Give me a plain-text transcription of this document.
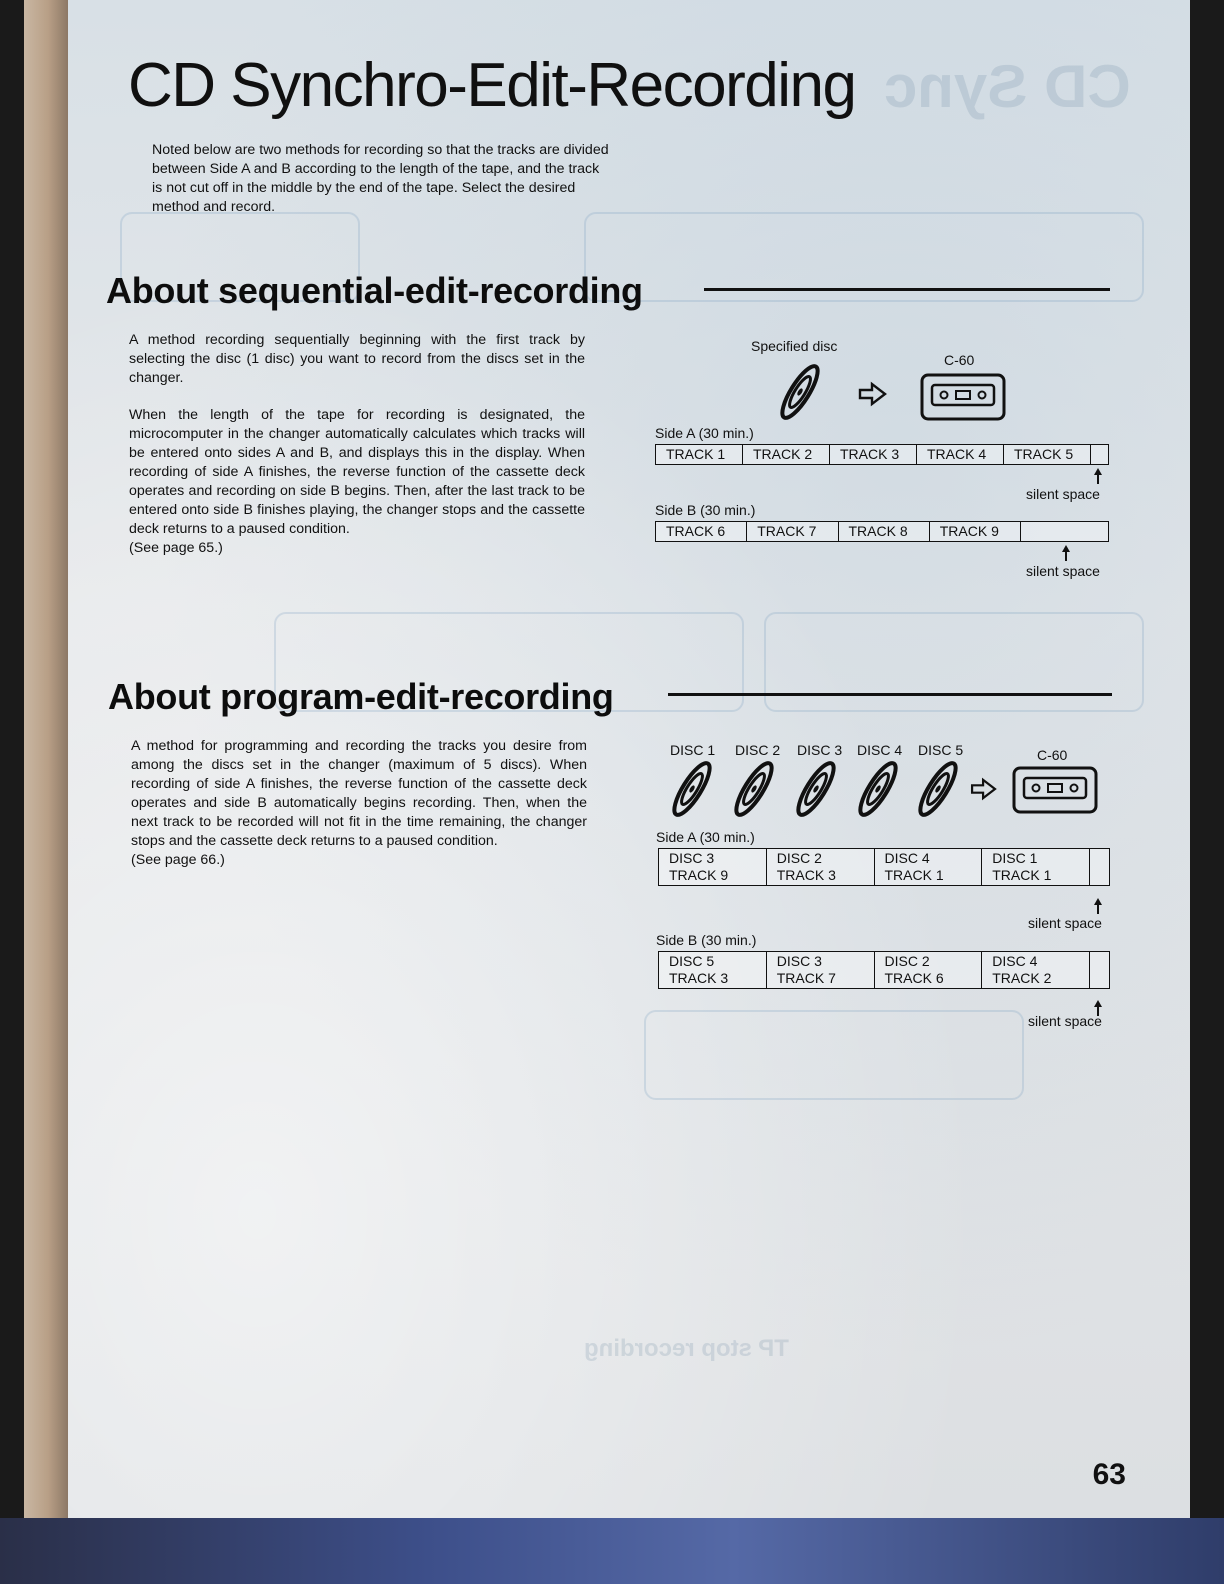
CD Sync
TP stop recording
CD Synchro-Edit-Recording
Noted below are two methods for recording so that the tracks are divided between Side A and B according to the length of the tape, and the track is not cut off in the middle by the end of the tape. Select the desired method and record.
About sequential-edit-recording

A method recording sequentially beginning with the first track by selecting the disc (1 disc) you want to record from the discs set in the changer.

When the length of the tape for recording is designated, the microcomputer in the changer automatically calculates which tracks will be entered onto sides A and B, and displays this in the display. When recording of side A finishes, the reverse function of the cassette deck operates and recording on side B begins. Then, after the last track to be entered onto side B finishes playing, the changer stops and the cassette deck returns to a paused condition.

(See page 65.)

Specified disc
C-60
Side A (30 min.)
TRACK 1	TRACK 2	TRACK 3	TRACK 4	TRACK 5	
silent space
Side B (30 min.)
TRACK 6	TRACK 7	TRACK 8	TRACK 9	
silent space
About program-edit-recording

A method for programming and recording the tracks you desire from among the discs set in the changer (maximum of 5 discs). When recording of side A finishes, the reverse function of the cassette deck operates and side B automatically begins recording. Then, when the next track to be recorded will not fit in the time remaining, the changer stops and the cassette deck returns to a paused condition.

(See page 66.)

DISC 1 DISC 2 DISC 3 DISC 4 DISC 5	C-60
Side A (30 min.)
DISC 3
TRACK 9

DISC 2
TRACK 3

DISC 4
TRACK 1

DISC 1
TRACK 1

silent space
Side B (30 min.)
DISC 5
TRACK 3

DISC 3
TRACK 7

DISC 2
TRACK 6

DISC 4
TRACK 2

silent space
63
